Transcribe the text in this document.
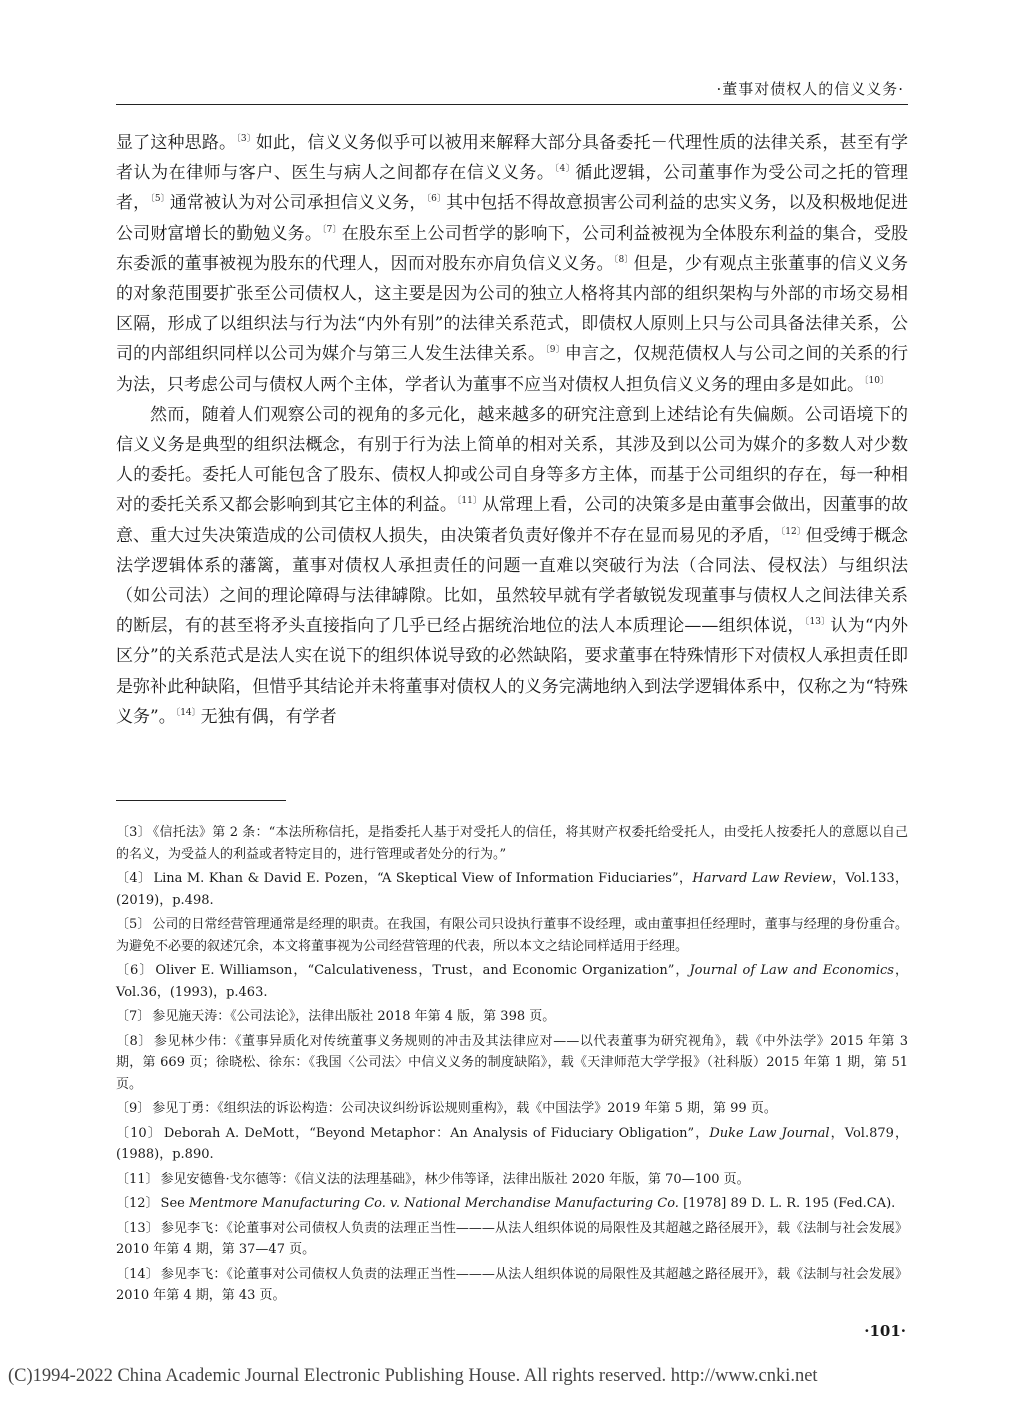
·董事对债权人的信义义务·

显了这种思路。$^{〔3〕}$如此，信义义务似乎可以被用来解释大部分具备委托－代理性质的法律关系，甚至有学者认为在律师与客户、医生与病人之间都存在信义义务。$^{〔4〕}$循此逻辑，公司董事作为受公司之托的管理者，$^{〔5〕}$通常被认为对公司承担信义义务，$^{〔6〕}$其中包括不得故意损害公司利益的忠实义务，以及积极地促进公司财富增长的勤勉义务。$^{〔7〕}$在股东至上公司哲学的影响下，公司利益被视为全体股东利益的集合，受股东委派的董事被视为股东的代理人，因而对股东亦肩负信义义务。$^{〔8〕}$但是，少有观点主张董事的信义义务的对象范围要扩张至公司债权人，这主要是因为公司的独立人格将其内部的组织架构与外部的市场交易相区隔，形成了以组织法与行为法“内外有别”的法律关系范式，即债权人原则上只与公司具备法律关系，公司的内部组织同样以公司为媒介与第三人发生法律关系。$^{〔9〕}$申言之，仅规范债权人与公司之间的关系的行为法，只考虑公司与债权人两个主体，学者认为董事不应当对债权人担负信义义务的理由多是如此。$^{〔10〕}$

然而，随着人们观察公司的视角的多元化，越来越多的研究注意到上述结论有失偏颇。公司语境下的信义义务是典型的组织法概念，有别于行为法上简单的相对关系，其涉及到以公司为媒介的多数人对少数人的委托。委托人可能包含了股东、债权人抑或公司自身等多方主体，而基于公司组织的存在，每一种相对的委托关系又都会影响到其它主体的利益。$^{〔11〕}$从常理上看，公司的决策多是由董事会做出，因董事的故意、重大过失决策造成的公司债权人损失，由决策者负责好像并不存在显而易见的矛盾，$^{〔12〕}$但受缚于概念法学逻辑体系的藩篱，董事对债权人承担责任的问题一直难以突破行为法（合同法、侵权法）与组织法（如公司法）之间的理论障碍与法律罅隙。比如，虽然较早就有学者敏锐发现董事与债权人之间法律关系的断层，有的甚至将矛头直接指向了几乎已经占据统治地位的法人本质理论——组织体说，$^{〔13〕}$认为“内外区分”的关系范式是法人实在说下的组织体说导致的必然缺陷，要求董事在特殊情形下对债权人承担责任即是弥补此种缺陷，但惜乎其结论并未将董事对债权人的义务完满地纳入到法学逻辑体系中，仅称之为“特殊义务”。$^{〔14〕}$无独有偶，有学者

〔3〕 《信托法》第 2 条：“本法所称信托，是指委托人基于对受托人的信任，将其财产权委托给受托人，由受托人按委托人的意愿以自己的名义，为受益人的利益或者特定目的，进行管理或者处分的行为。”
〔4〕 Lina M. Khan & David E. Pozen，“A Skeptical View of Information Fiduciaries”，Harvard Law Review，Vol.133，(2019)，p.498.
〔5〕 公司的日常经营管理通常是经理的职责。在我国，有限公司只设执行董事不设经理，或由董事担任经理时，董事与经理的身份重合。为避免不必要的叙述冗余，本文将董事视为公司经营管理的代表，所以本文之结论同样适用于经理。
〔6〕 Oliver E. Williamson，“Calculativeness，Trust，and Economic Organization”，Journal of Law and Economics，Vol.36，(1993)，p.463.
〔7〕 参见施天涛：《公司法论》，法律出版社 2018 年第 4 版，第 398 页。
〔8〕 参见林少伟：《董事异质化对传统董事义务规则的冲击及其法律应对——以代表董事为研究视角》，载《中外法学》2015 年第 3 期，第 669 页；徐晓松、徐东：《我国〈公司法〉中信义义务的制度缺陷》，载《天津师范大学学报》（社科版）2015 年第 1 期，第 51 页。
〔9〕 参见丁勇：《组织法的诉讼构造：公司决议纠纷诉讼规则重构》，载《中国法学》2019 年第 5 期，第 99 页。
〔10〕 Deborah A. DeMott，“Beyond Metaphor：An Analysis of Fiduciary Obligation”，Duke Law Journal，Vol.879，(1988)，p.890.
〔11〕 参见安德鲁·戈尔德等：《信义法的法理基础》，林少伟等译，法律出版社 2020 年版，第 70—100 页。
〔12〕 See Mentmore Manufacturing Co. v. National Merchandise Manufacturing Co. [1978] 89 D. L. R. 195 (Fed.CA).
〔13〕 参见李飞：《论董事对公司债权人负责的法理正当性———从法人组织体说的局限性及其超越之路径展开》，载《法制与社会发展》2010 年第 4 期，第 37—47 页。
〔14〕 参见李飞：《论董事对公司债权人负责的法理正当性———从法人组织体说的局限性及其超越之路径展开》，载《法制与社会发展》2010 年第 4 期，第 43 页。
·101·
(C)1994-2022 China Academic Journal Electronic Publishing House. All rights reserved. http://www.cnki.net
